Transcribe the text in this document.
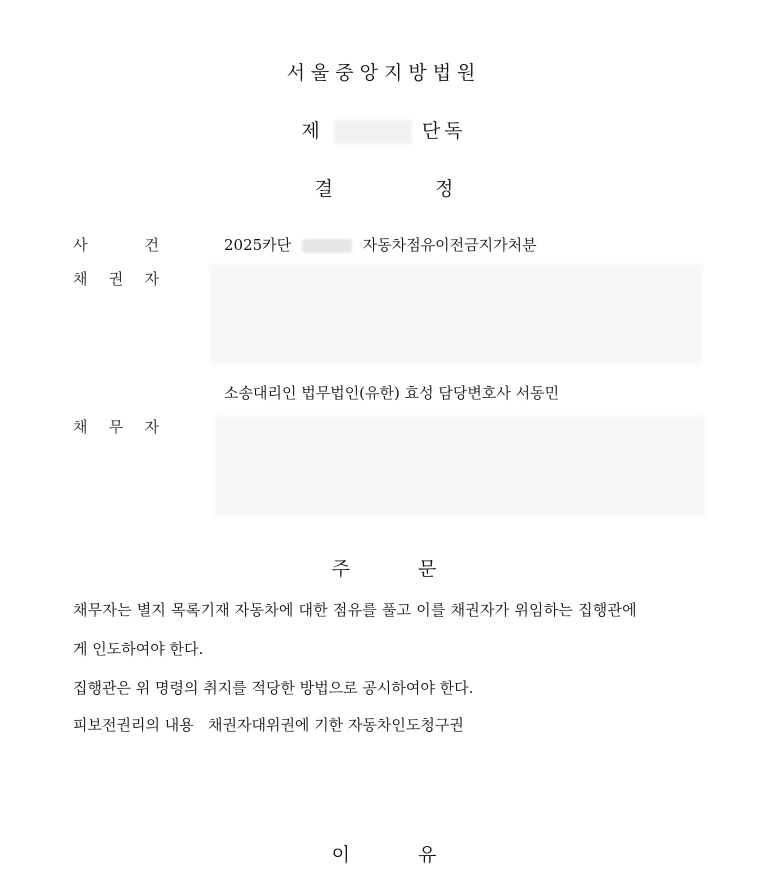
서울중앙지방법원
제	단독
결	정
사 건	2025카단	자동차점유이전금지가처분
채 권 자
소송대리인 법무법인(유한) 효성 담당변호사 서동민
채 무 자
주	문
채무자는 별지 목록기재 자동차에 대한 점유를 풀고 이를 채권자가 위임하는 집행관에
게 인도하여야 한다.
집행관은 위 명령의 취지를 적당한 방법으로 공시하여야 한다.
피보전권리의 내용   채권자대위권에 기한 자동차인도청구권
이	유
